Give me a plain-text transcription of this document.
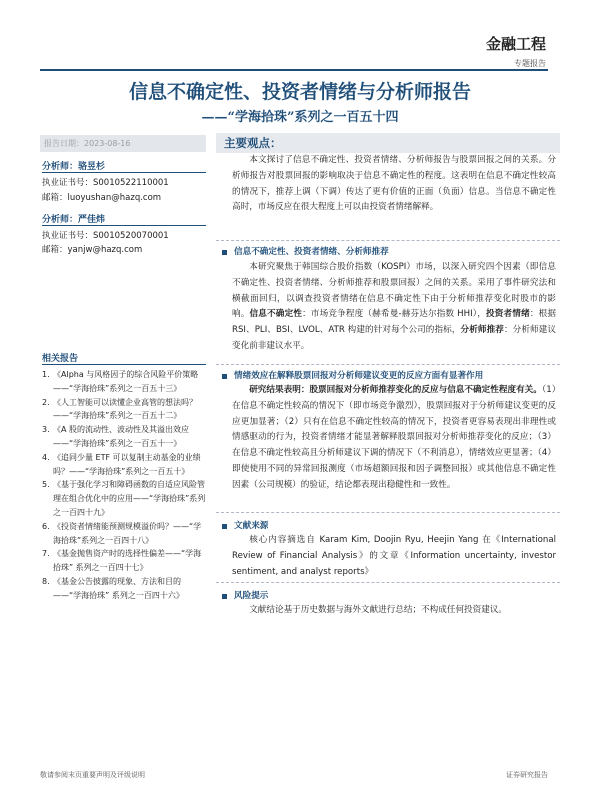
金融工程
专题报告
信息不确定性、投资者情绪与分析师报告
——“学海拾珠”系列之一百五十四
报告日期：2023-08-16
分析师：骆昱杉
执业证书号：S0010522110001
邮箱：luoyushan@hazq.com
分析师：严佳炜
执业证书号：S0010520070001
邮箱：yanjw@hazq.com
相关报告
1. 《Alpha 与风格因子的综合风险平价策略——“学海拾珠”系列之一百五十三》
2. 《人工智能可以读懂企业高管的想法吗？——“学海拾珠”系列之一百五十二》
3. 《A 股的流动性、波动性及其溢出效应——“学海拾珠”系列之一百五十一》
4. 《追同少量 ETF 可以复制主动基金的业绩吗？——“学海拾珠”系列之一百五十》
5. 《基于强化学习和障碍函数的自适应风险管理在组合优化中的应用——“学海拾珠”系列之一百四十九》
6. 《投资者情绪能预测规模溢价吗？——“学海拾珠”系列之一百四十八》
7. 《基金抛售资产时的选择性偏差——“学海拾珠” 系列之一百四十七》
8. 《基金公告披露的现象、方法和目的——“学海拾珠” 系列之一百四十六》
主要观点：

本文探讨了信息不确定性、投资者情绪、分析师报告与股票回报之间的关系。分析师报告对股票回报的影响取决于信息不确定性的程度。这表明在信息不确定性较高的情况下，推荐上调（下调）传达了更有价值的正面（负面）信息。当信息不确定性高时，市场反应在很大程度上可以由投资者情绪解释。

信息不确定性、投资者情绪、分析师推荐

本研究聚焦于韩国综合股价指数（KOSPI）市场，以深入研究四个因素（即信息不确定性、投资者情绪、分析师推荐和股票回报）之间的关系。采用了事件研究法和横截面回归，以调查投资者情绪在信息不确定性下由于分析师推荐变化时股市的影响。信息不确定性：市场竞争程度（赫希曼-赫芬达尔指数 HHI），投资者情绪：根据 RSI、PLI、BSI、LVOL、ATR 构建的针对每个公司的指标，分析师推荐：分析师建议变化前非建议水平。

情绪效应在解释股票回报对分析师建议变更的反应方面有显著作用

研究结果表明：股票回报对分析师推荐变化的反应与信息不确定性程度有关。（1）在信息不确定性较高的情况下（即市场竞争激烈），股票回报对于分析师建议变更的反应更加显著；（2）只有在信息不确定性较高的情况下，投资者更容易表现出非理性或情感驱动的行为，投资者情绪才能显著解释股票回报对分析师推荐变化的反应；（3）在信息不确定性较高且分析师建议下调的情况下（不利消息），情绪效应更显著；（4）即使使用不同的异常回报测度（市场超额回报和因子调整回报）或其他信息不确定性因素（公司规模）的验证，结论都表现出稳健性和一致性。

文献来源

核心内容摘选自 Karam Kim, Doojin Ryu, Heejin Yang 在《International Review of Financial Analysis》的文章《Information uncertainty, investor sentiment, and analyst reports》

风险提示

文献结论基于历史数据与海外文献进行总结；不构成任何投资建议。

敬请参阅末页重要声明及评级说明	证券研究报告
